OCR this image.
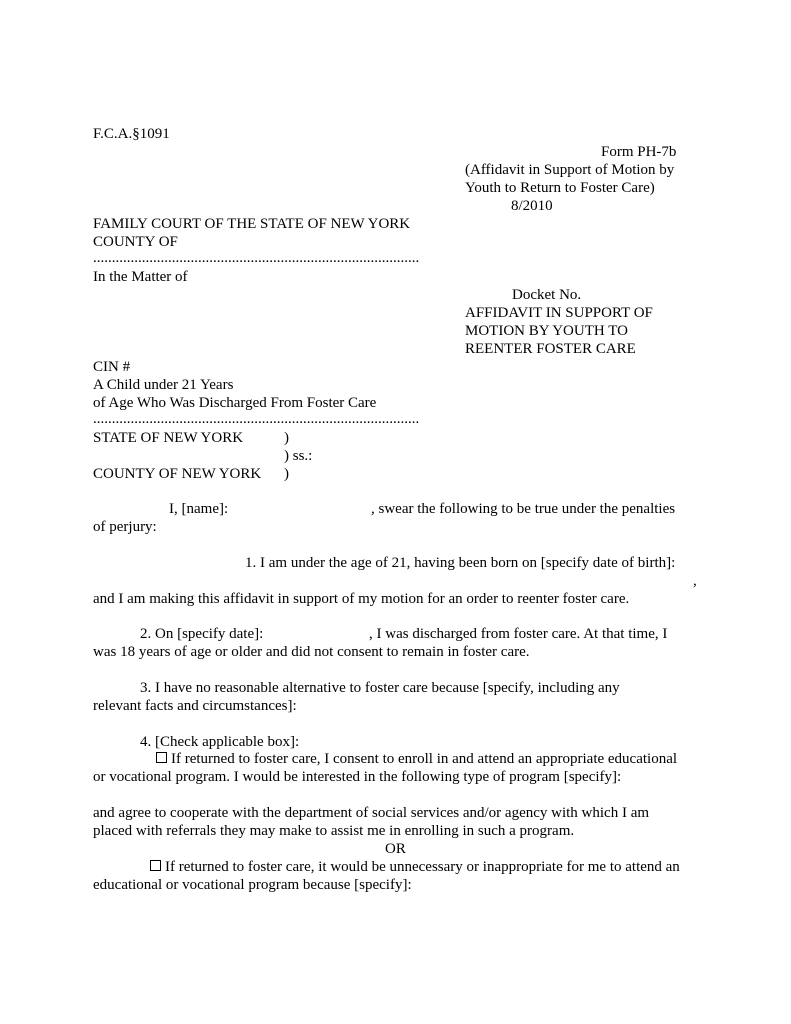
F.C.A.§1091
Form PH-7b
(Affidavit in Support of Motion by
Youth to Return to Foster Care)
8/2010
FAMILY COURT OF THE STATE OF NEW YORK
COUNTY OF
.......................................................................................
In the Matter of
Docket No.
AFFIDAVIT IN SUPPORT OF
MOTION BY YOUTH TO
REENTER FOSTER CARE
CIN #
A Child under 21 Years
of Age Who Was Discharged From Foster Care
.......................................................................................
STATE OF NEW YORK	)
) ss.:
COUNTY OF NEW YORK )
I, [name]:	, swear the following to be true under the penalties
of perjury:
1. I am under the age of 21, having been born on [specify date of birth]:
,
and I am making this affidavit in support of my motion for an order to reenter foster care.
2. On [specify date]:	, I was discharged from foster care. At that time, I
was 18 years of age or older and did not consent to remain in foster care.
3. I have no reasonable alternative to foster care because [specify, including any
relevant facts and circumstances]:
4. [Check applicable box]:
If returned to foster care, I consent to enroll in and attend an appropriate educational
or vocational program. I would be interested in the following type of program [specify]:
and agree to cooperate with the department of social services and/or agency with which I am
placed with referrals they may make to assist me in enrolling in such a program.
OR
If returned to foster care, it would be unnecessary or inappropriate for me to attend an
educational or vocational program because [specify]:
